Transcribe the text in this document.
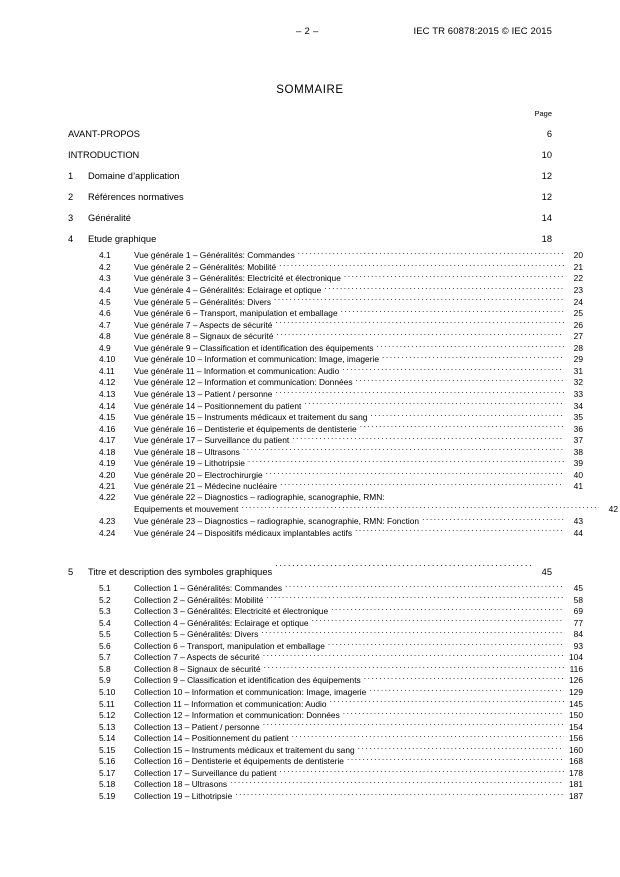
– 2 –	IEC TR 60878:2015 © IEC 2015
SOMMAIRE
Page
AVANT-PROPOS .....	6
INTRODUCTION .....	10
1	Domaine d’application .....	12
2	Références normatives .....	12
3	Généralité .....	14
4	Etude graphique .....	18
4.1	Vue générale 1 – Généralités: Commandes .....	20
4.2	Vue générale 2 – Généralités: Mobilité .....	21
4.3	Vue générale 3 – Généralités: Electricité et électronique .....	22
4.4	Vue générale 4 – Généralités: Eclairage et optique .....	23
4.5	Vue générale 5 – Généralités: Divers .....	24
4.6	Vue générale 6 – Transport, manipulation et emballage .....	25
4.7	Vue générale 7 – Aspects de sécurité .....	26
4.8	Vue générale 8 – Signaux de sécurité .....	27
4.9	Vue générale 9 – Classification et identification des équipements .....	28
4.10	Vue générale 10 – Information et communication: Image, imagerie .....	29
4.11	Vue générale 11 – Information et communication: Audio .....	31
4.12	Vue générale 12 – Information et communication: Données .....	32
4.13	Vue générale 13 – Patient / personne .....	33
4.14	Vue générale 14 – Positionnement du patient .....	34
4.15	Vue générale 15 – Instruments médicaux et traitement du sang .....	35
4.16	Vue générale 16 – Dentisterie et équipements de dentisterie .....	36
4.17	Vue générale 17 – Surveillance du patient .....	37
4.18	Vue générale 18 – Ultrasons .....	38
4.19	Vue générale 19 – Lithotripsie .....	39
4.20	Vue générale 20 – Electrochirurgie .....	40
4.21	Vue générale 21 – Médecine nucléaire .....	41
4.22	Vue générale 22 – Diagnostics – radiographie, scanographie, RMN:
Equipements et mouvement .....	42
4.23	Vue générale 23 – Diagnostics – radiographie, scanographie, RMN: Fonction .....	43
4.24	Vue générale 24 – Dispositifs médicaux implantables actifs .....	44
5	Titre et description des symboles graphiques .....	45
5.1	Collection 1 – Généralités: Commandes .....	45
5.2	Collection 2 – Généralités: Mobilité .....	58
5.3	Collection 3 – Généralités: Electricité et électronique .....	69
5.4	Collection 4 – Généralités: Eclairage et optique .....	77
5.5	Collection 5 – Généralités: Divers .....	84
5.6	Collection 6 – Transport, manipulation et emballage .....	93
5.7	Collection 7 – Aspects de sécurité .....	104
5.8	Collection 8 – Signaux de sécurité .....	116
5.9	Collection 9 – Classification et identification des équipements .....	126
5.10	Collection 10 – Information et communication: Image, imagerie .....	129
5.11	Collection 11 – Information et communication: Audio .....	145
5.12	Collection 12 – Information et communication: Données .....	150
5.13	Collection 13 – Patient / personne .....	154
5.14	Collection 14 – Positionnement du patient .....	156
5.15	Collection 15 – Instruments médicaux et traitement du sang .....	160
5.16	Collection 16 – Dentisterie et équipements de dentisterie .....	168
5.17	Collection 17 – Surveillance du patient .....	178
5.18	Collection 18 – Ultrasons .....	181
5.19	Collection 19 – Lithotripsie .....	187
